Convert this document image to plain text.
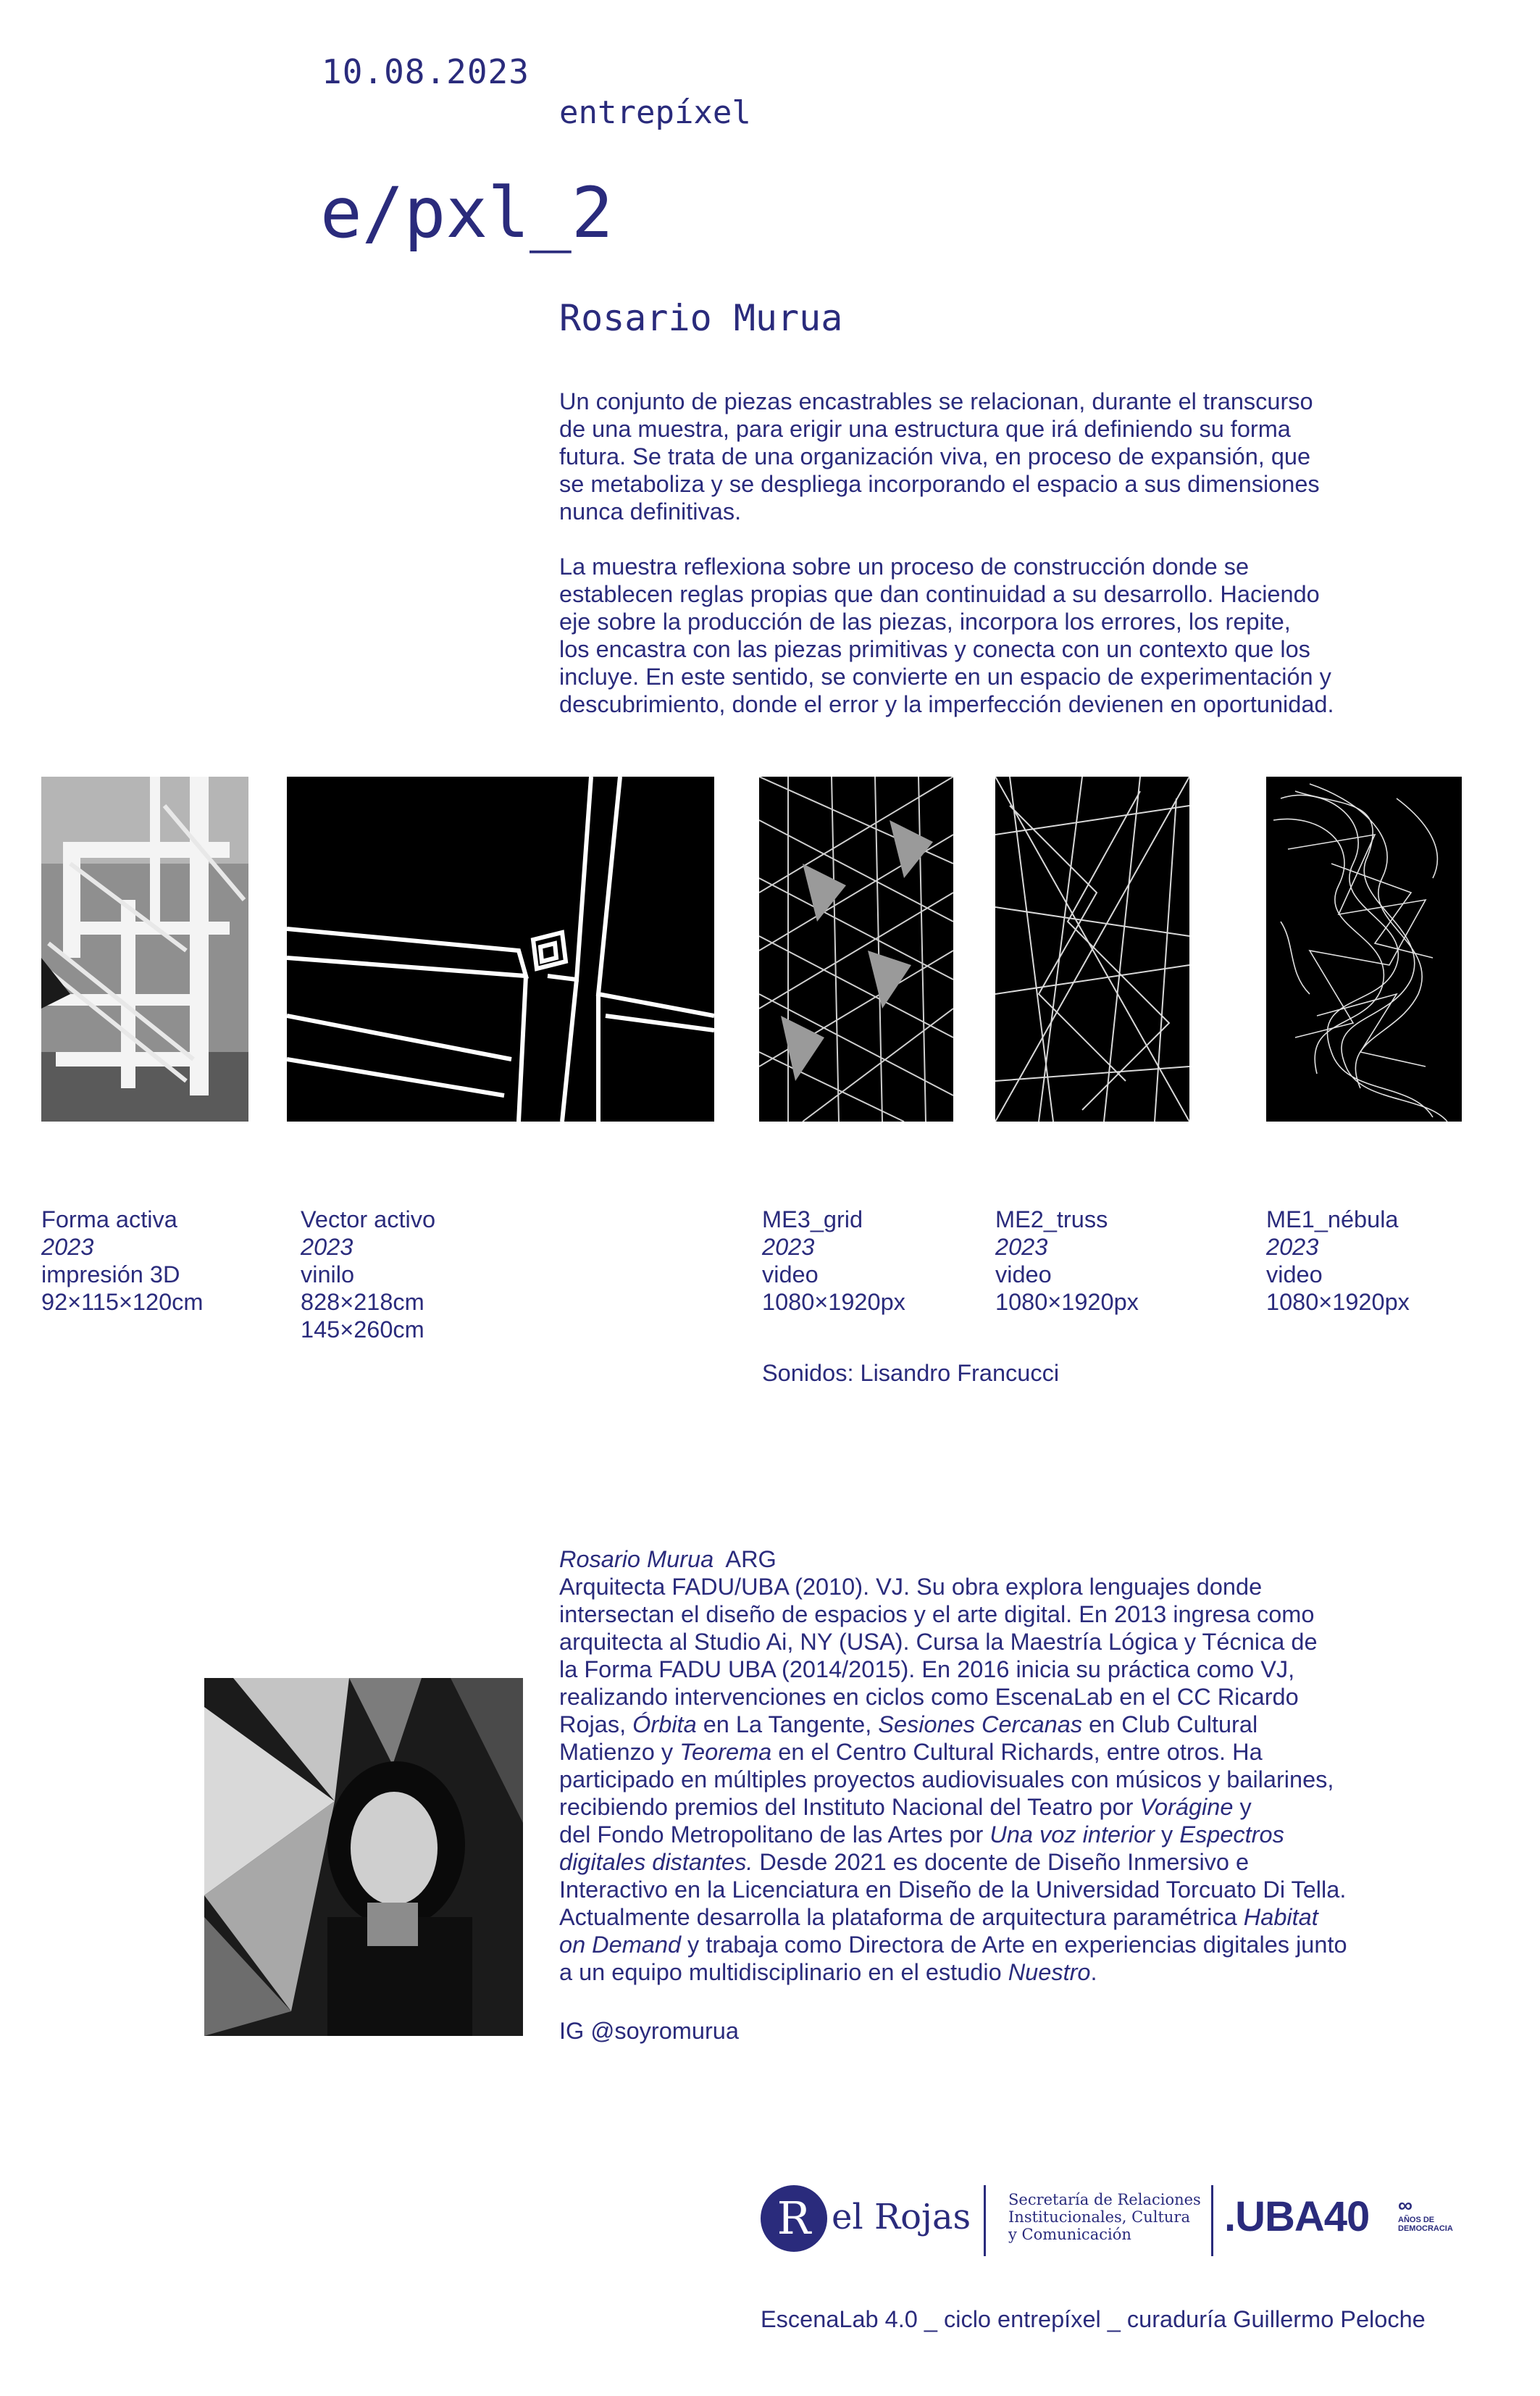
10.08.2023
entrepíxel
e/pxl_2
Rosario Murua

Un conjunto de piezas encastrables se relacionan, durante el transcurso
de una muestra, para erigir una estructura que irá definiendo su forma
futura. Se trata de una organización viva, en proceso de expansión, que
se metaboliza y se despliega incorporando el espacio a sus dimensiones
nunca definitivas.

La muestra reflexiona sobre un proceso de construcción donde se
establecen reglas propias que dan continuidad a su desarrollo. Haciendo
eje sobre la producción de las piezas, incorpora los errores, los repite,
los encastra con las piezas primitivas y conecta con un contexto que los
incluye. En este sentido, se convierte en un espacio de experimentación y
descubrimiento, donde el error y la imperfección devienen en oportunidad.

Forma activa
2023
impresión 3D
92×115×120cm
Vector activo
2023
vinilo
828×218cm
145×260cm
ME3_grid
2023
video
1080×1920px
ME2_truss
2023
video
1080×1920px
ME1_nébula
2023
video
1080×1920px
Sonidos: Lisandro Francucci
Rosario Murua  ARG
Arquitecta FADU/UBA (2010). VJ. Su obra explora lenguajes donde
intersectan el diseño de espacios y el arte digital. En 2013 ingresa como
arquitecta al Studio Ai, NY (USA). Cursa la Maestría Lógica y Técnica de
la Forma FADU UBA (2014/2015). En 2016 inicia su práctica como VJ,
realizando intervenciones en ciclos como EscenaLab en el CC Ricardo
Rojas, Órbita en La Tangente, Sesiones Cercanas en Club Cultural
Matienzo y Teorema en el Centro Cultural Richards, entre otros. Ha
participado en múltiples proyectos audiovisuales con músicos y bailarines,
recibiendo premios del Instituto Nacional del Teatro por Vorágine y
del Fondo Metropolitano de las Artes por Una voz interior y Espectros
digitales distantes. Desde 2021 es docente de Diseño Inmersivo e
Interactivo en la Licenciatura en Diseño de la Universidad Torcuato Di Tella.
Actualmente desarrolla la plataforma de arquitectura paramétrica Habitat
on Demand y trabaja como Directora de Arte en experiencias digitales junto
a un equipo multidisciplinario en el estudio Nuestro.
IG @soyromurua
R el Rojas Secretaría de Relaciones
Institucionales, Cultura
y Comunicación	.UBA40 ∞
AÑOS DE
DEMOCRACIA
EscenaLab 4.0 _ ciclo entrepíxel _ curaduría Guillermo Peloche
